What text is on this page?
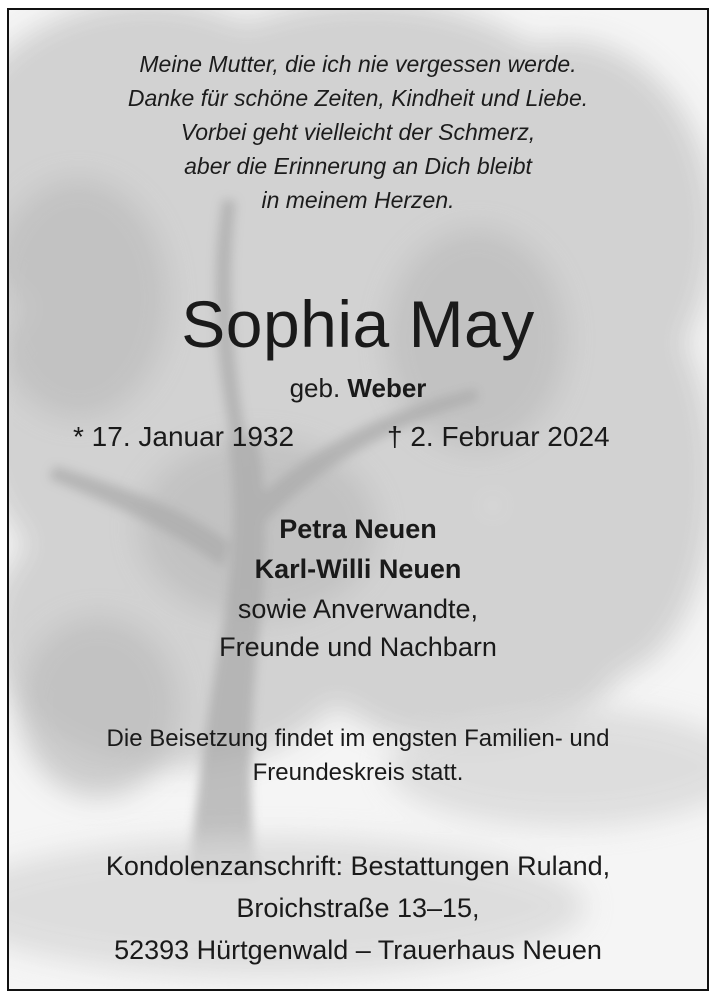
Meine Mutter, die ich nie vergessen werde.
Danke für schöne Zeiten, Kindheit und Liebe.
Vorbei geht vielleicht der Schmerz,
aber die Erinnerung an Dich bleibt
in meinem Herzen.
Sophia May
geb. Weber
* 17. Januar 1932	† 2. Februar 2024
Petra Neuen
Karl-Willi Neuen
sowie Anverwandte,
Freunde und Nachbarn
Die Beisetzung findet im engsten Familien- und
Freundeskreis statt.
Kondolenzanschrift: Bestattungen Ruland,
Broichstraße 13–15,
52393 Hürtgenwald – Trauerhaus Neuen
